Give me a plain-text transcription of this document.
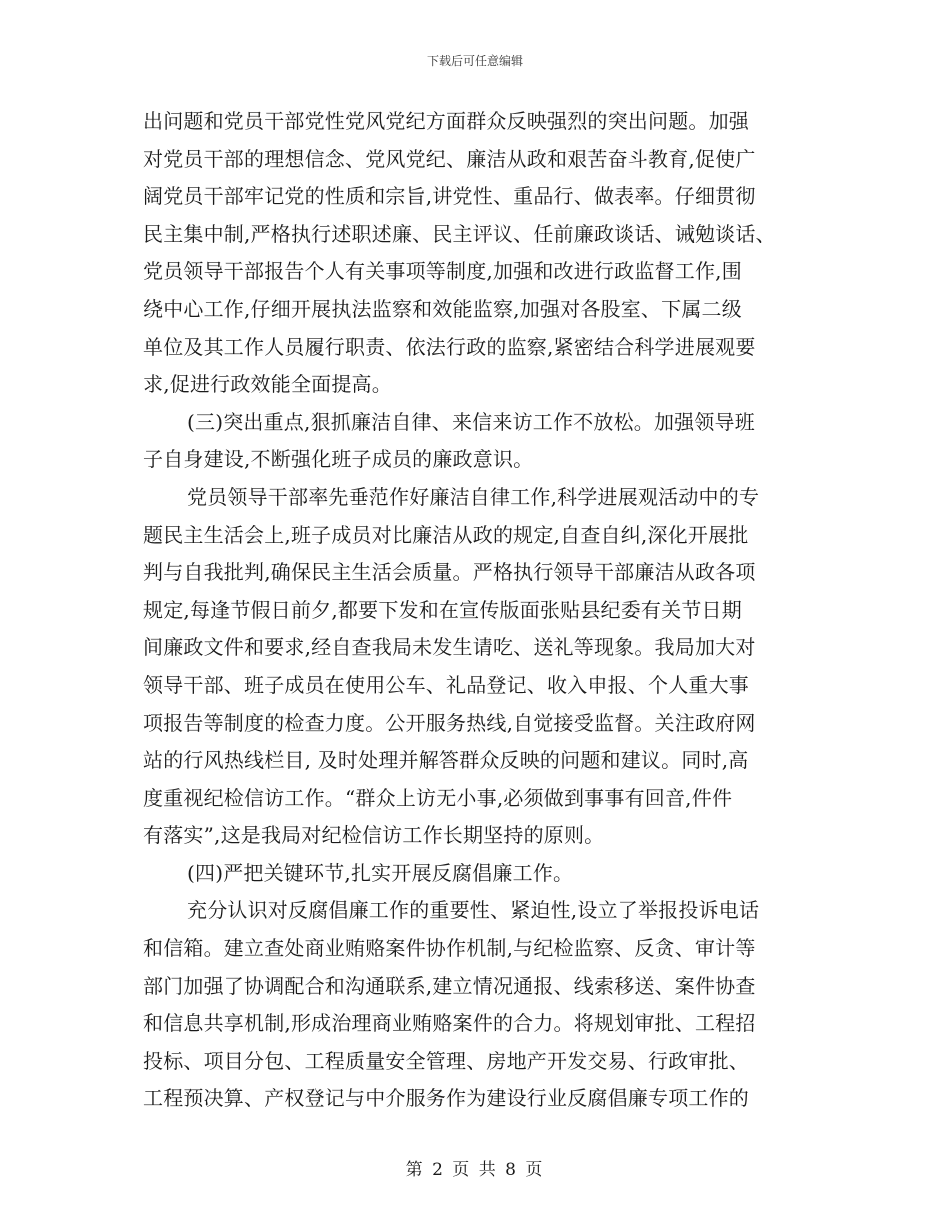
下载后可任意编辑
出问题和党员干部党性党风党纪方面群众反映强烈的突出问题。加强
对党员干部的理想信念、党风党纪、廉洁从政和艰苦奋斗教育,促使广
阔党员干部牢记党的性质和宗旨,讲党性、重品行、做表率。仔细贯彻
民主集中制,严格执行述职述廉、民主评议、任前廉政谈话、诫勉谈话、
党员领导干部报告个人有关事项等制度,加强和改进行政监督工作,围
绕中心工作,仔细开展执法监察和效能监察,加强对各股室、下属二级
单位及其工作人员履行职责、依法行政的监察,紧密结合科学进展观要
求,促进行政效能全面提高。
(三)突出重点,狠抓廉洁自律、来信来访工作不放松。加强领导班
子自身建设,不断强化班子成员的廉政意识。
党员领导干部率先垂范作好廉洁自律工作,科学进展观活动中的专
题民主生活会上,班子成员对比廉洁从政的规定,自查自纠,深化开展批
判与自我批判,确保民主生活会质量。严格执行领导干部廉洁从政各项
规定,每逢节假日前夕,都要下发和在宣传版面张贴县纪委有关节日期
间廉政文件和要求,经自查我局未发生请吃、送礼等现象。我局加大对
领导干部、班子成员在使用公车、礼品登记、收入申报、个人重大事
项报告等制度的检查力度。公开服务热线,自觉接受监督。关注政府网
站的行风热线栏目, 及时处理并解答群众反映的问题和建议。同时,高
度重视纪检信访工作。“群众上访无小事,必须做到事事有回音,件件
有落实”,这是我局对纪检信访工作长期坚持的原则。
(四)严把关键环节,扎实开展反腐倡廉工作。
充分认识对反腐倡廉工作的重要性、紧迫性,设立了举报投诉电话
和信箱。建立查处商业贿赂案件协作机制,与纪检监察、反贪、审计等
部门加强了协调配合和沟通联系,建立情况通报、线索移送、案件协查
和信息共享机制,形成治理商业贿赂案件的合力。将规划审批、工程招
投标、项目分包、工程质量安全管理、房地产开发交易、行政审批、
工程预决算、产权登记与中介服务作为建设行业反腐倡廉专项工作的
第 2 页 共 8 页
